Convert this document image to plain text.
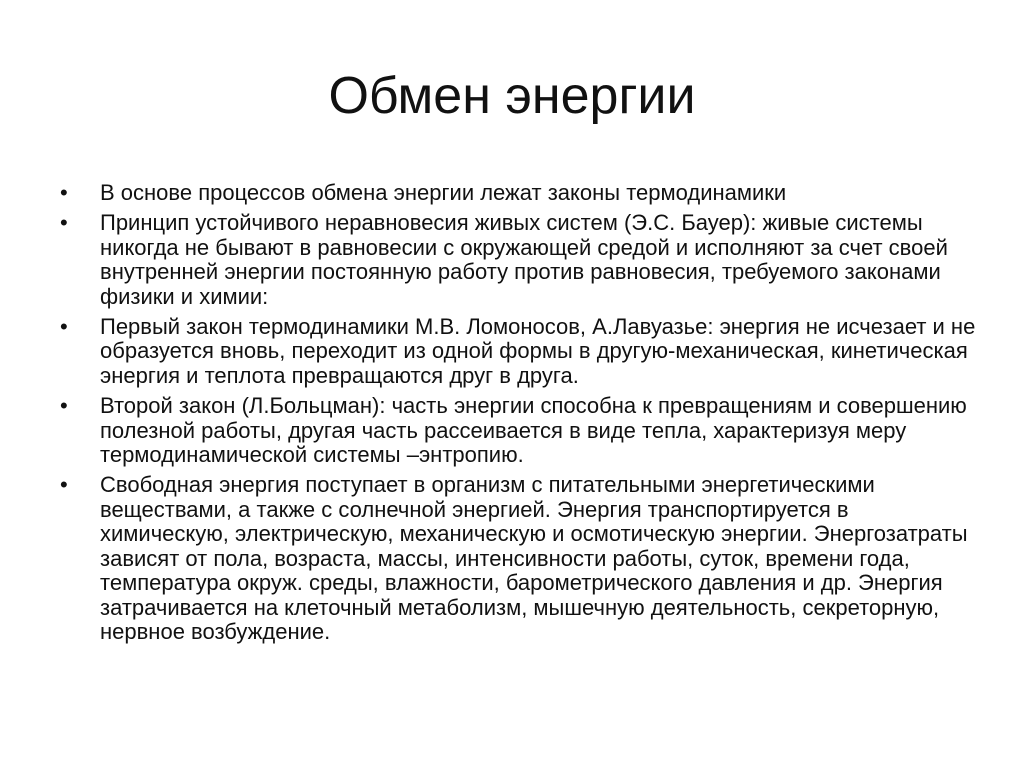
Обмен энергии
•	В основе процессов обмена энергии лежат законы термодинамики
•	Принцип устойчивого неравновесия живых систем (Э.С. Бауер): живые системы никогда не бывают в равновесии с окружающей средой и исполняют за счет своей внутренней энергии постоянную работу против равновесия, требуемого законами физики и химии:
•	Первый закон термодинамики М.В. Ломоносов, А.Лавуазье: энергия не исчезает и не образуется вновь, переходит из одной формы в другую-механическая, кинетическая энергия и теплота превращаются друг в друга.
•	Второй закон (Л.Больцман): часть энергии способна к превращениям и совершению полезной работы, другая часть рассеивается в виде тепла, характеризуя меру термодинамической системы –энтропию.
•	Свободная энергия поступает в организм с питательными энергетическими веществами, а также с солнечной энергией. Энергия транспортируется в химическую, электрическую, механическую и осмотическую энергии. Энергозатраты зависят от пола, возраста, массы, интенсивности работы, суток, времени года, температура окруж. среды, влажности, барометрического давления и др. Энергия затрачивается на клеточный метаболизм, мышечную деятельность, секреторную, нервное возбуждение.
